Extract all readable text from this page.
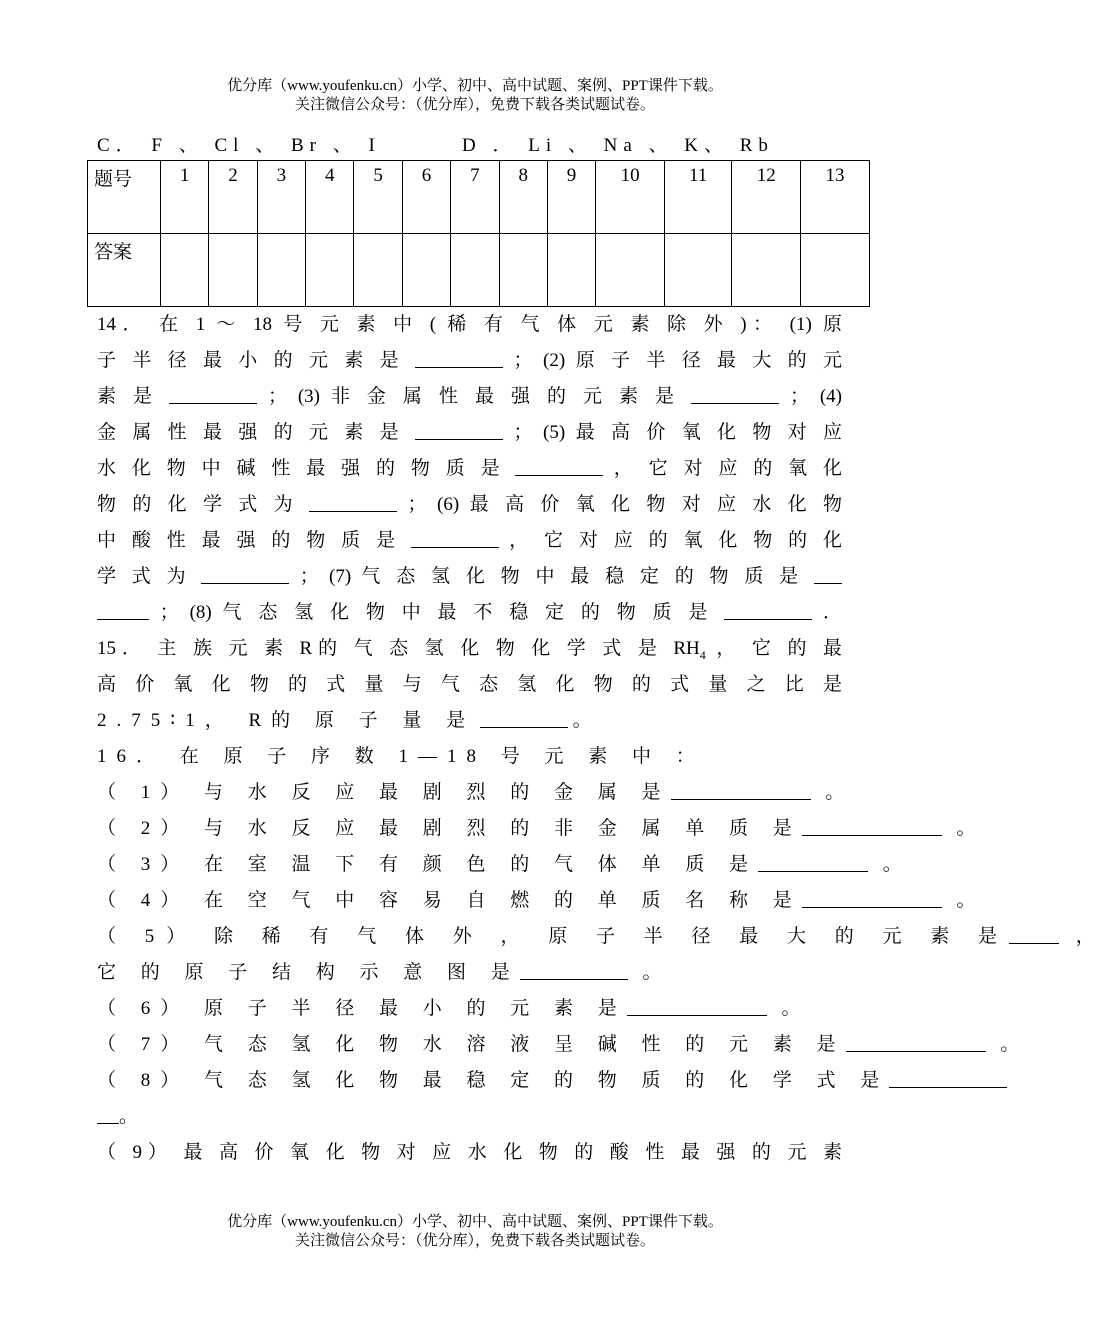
优分库（www.youfenku.cn）小学、初中、高中试题、案例、PPT课件下载。
关注微信公众号：（优分库），免费下载各类试题试卷。
C． F 、 Cl 、 Br 、 I	D ． Li 、 Na 、 K、 Rb
题号	1	2	3	4	5	6	7	8	9	10	11	12	13
答案													
14． 在 1 ～ 18 号 元 素 中 ( 稀 有 气 体 元 素 除 外 )： (1) 原
子 半 径 最 小 的 元 素 是	； (2) 原 子 半 径 最 大 的 元
素 是	； (3) 非 金 属 性 最 强 的 元 素 是	； (4)
金 属 性 最 强 的 元 素 是	； (5) 最 高 价 氧 化 物 对 应
水 化 物 中 碱 性 最 强 的 物 质 是	， 它 对 应 的 氧 化
物 的 化 学 式 为	； (6) 最 高 价 氧 化 物 对 应 水 化 物
中 酸 性 最 强 的 物 质 是	， 它 对 应 的 氧 化 物 的 化
学 式 为	； (7) 气 态 氢 化 物 中 最 稳 定 的 物 质 是
； (8) 气 态 氢 化 物 中 最 不 稳 定 的 物 质 是	．
15． 主 族 元 素 R的 气 态 氢 化 物 化 学 式 是 $RH_4$ ， 它 的 最
高 价 氧 化 物 的 式 量 与 气 态 氢 化 物 的 式 量 之 比 是
2.75∶1， R的 原 子 量 是	。
16． 在 原 子 序 数 1—18 号 元 素 中 ：
（ 1） 与 水 反 应 最 剧 烈 的 金 属 是	。
（ 2） 与 水 反 应 最 剧 烈 的 非 金 属 单 质 是	。
（ 3） 在 室 温 下 有 颜 色 的 气 体 单 质 是	。
（ 4） 在 空 气 中 容 易 自 燃 的 单 质 名 称 是	。
（ 5） 除 稀 有 气 体 外 ， 原 子 半 径 最 大 的 元 素 是	，
它 的 原 子 结 构 示 意 图 是	。
（ 6） 原 子 半 径 最 小 的 元 素 是	。
（ 7） 气 态 氢 化 物 水 溶 液 呈 碱 性 的 元 素 是	。
（ 8） 气 态 氢 化 物 最 稳 定 的 物 质 的 化 学 式 是
。
（ 9） 最 高 价 氧 化 物 对 应 水 化 物 的 酸 性 最 强 的 元 素
优分库（www.youfenku.cn）小学、初中、高中试题、案例、PPT课件下载。
关注微信公众号：（优分库），免费下载各类试题试卷。
